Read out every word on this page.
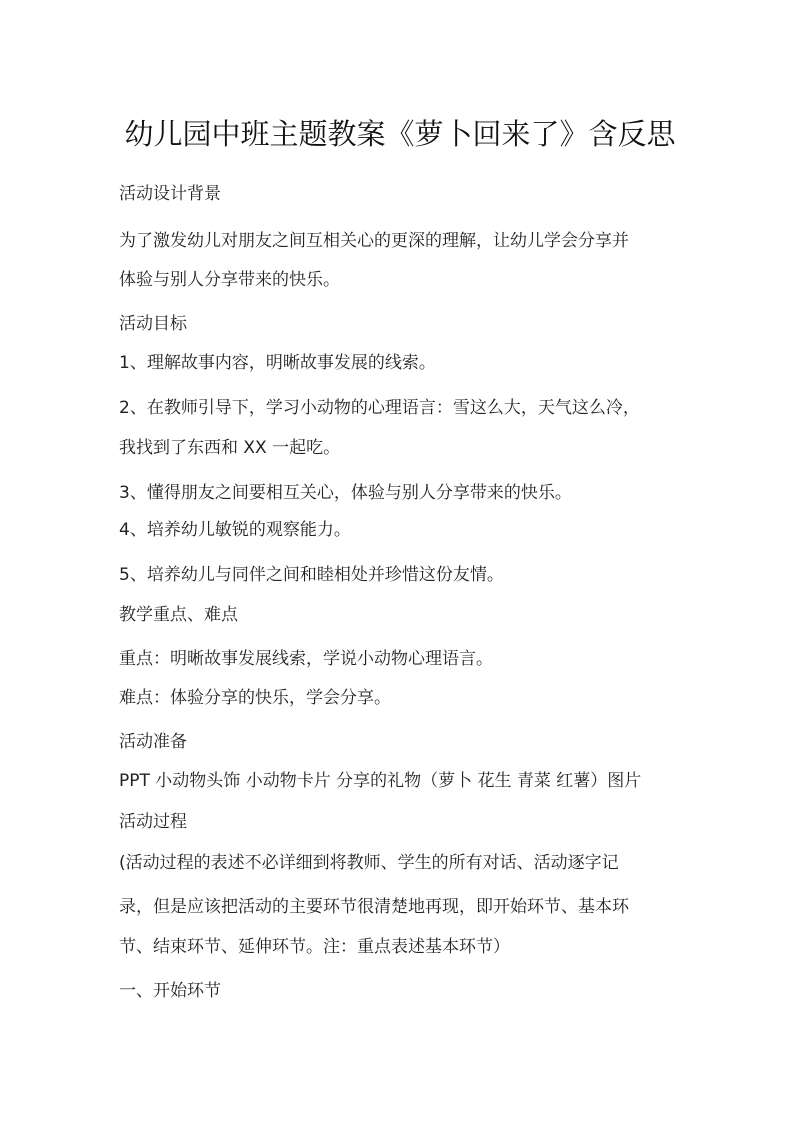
幼儿园中班主题教案《萝卜回来了》含反思
活动设计背景
为了激发幼儿对朋友之间互相关心的更深的理解，让幼儿学会分享并
体验与别人分享带来的快乐。
活动目标
1、理解故事内容，明晰故事发展的线索。
2、在教师引导下，学习小动物的心理语言：雪这么大，天气这么冷，
我找到了东西和 XX 一起吃。
3、懂得朋友之间要相互关心，体验与别人分享带来的快乐。
4、培养幼儿敏锐的观察能力。
5、培养幼儿与同伴之间和睦相处并珍惜这份友情。
教学重点、难点
重点：明晰故事发展线索，学说小动物心理语言。
难点：体验分享的快乐，学会分享。
活动准备
PPT 小动物头饰 小动物卡片 分享的礼物（萝卜 花生 青菜 红薯）图片
活动过程
(活动过程的表述不必详细到将教师、学生的所有对话、活动逐字记
录，但是应该把活动的主要环节很清楚地再现，即开始环节、基本环
节、结束环节、延伸环节。注：重点表述基本环节）
一、开始环节
